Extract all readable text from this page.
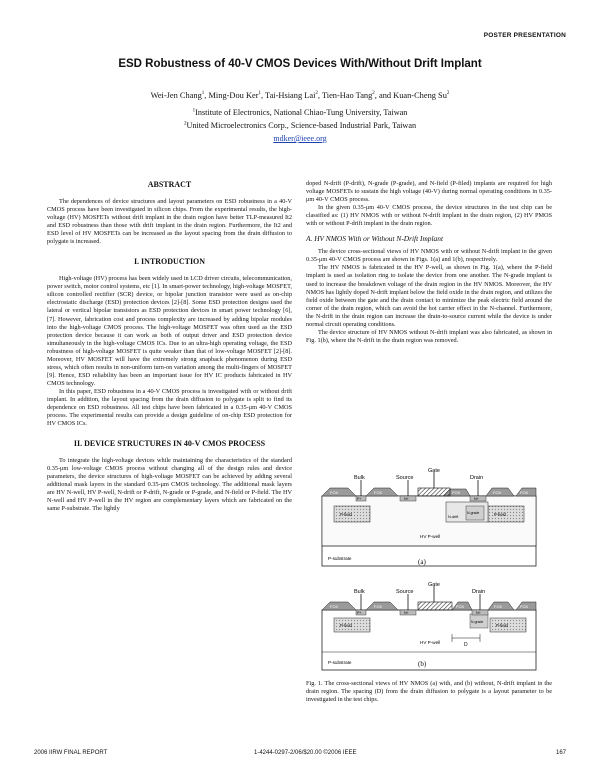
POSTER PRESENTATION
ESD Robustness of 40-V CMOS Devices With/Without Drift Implant
Wei-Jen Chang$^1$, Ming-Dou Ker$^1$, Tai-Hsiang Lai$^2$, Tien-Hao Tang$^2$, and Kuan-Cheng Su$^2$
$^1$Institute of Electronics, National Chiao-Tung University, Taiwan
$^2$United Microelectronics Corp., Science-based Industrial Park, Taiwan
mdker@ieee.org
ABSTRACT

The dependences of device structures and layout parameters on ESD robustness in a 40-V CMOS process have been investigated in silicon chips. From the experimental results, the high-voltage (HV) MOSFETs without drift implant in the drain region have better TLP-measured It2 and ESD robustness than those with drift implant in the drain region. Furthermore, the It2 and ESD level of HV MOSFETs can be increased as the layout spacing from the drain diffusion to polygate is increased.

I. INTRODUCTION

High-voltage (HV) process has been widely used in LCD driver circuits, telecommunication, power switch, motor control systems, etc [1]. In smart-power technology, high-voltage MOSFET, silicon controlled rectifier (SCR) device, or bipolar junction transistor were used as on-chip electrostatic discharge (ESD) protection devices [2]-[8]. Some ESD protection designs used the lateral or vertical bipolar transistors as ESD protection devices in smart power technology [6], [7]. However, fabrication cost and process complexity are increased by adding bipolar modules into the high-voltage CMOS process. The high-voltage MOSFET was often used as the ESD protection device because it can work as both of output driver and ESD protection device simultaneously in the high-voltage CMOS ICs. Due to an ultra-high operating voltage, the ESD robustness of high-voltage MOSFET is quite weaker than that of low-voltage MOSFET [2]-[8]. Moreover, HV MOSFET will have the extremely strong snapback phenomenon during ESD stress, which often results in non-uniform turn-on variation among the multi-fingers of MOSFET [9]. Hence, ESD reliability has been an important issue for HV IC products fabricated in HV CMOS technology.

In this paper, ESD robustness in a 40-V CMOS process is investigated with or without drift implant. In addition, the layout spacing from the drain diffusion to polygate is split to find its dependence on ESD robustness. All test chips have been fabricated in a 0.35-μm 40-V CMOS process. The experimental results can provide a design guideline of on-chip ESD protection for HV CMOS ICs.

II. DEVICE STRUCTURES IN 40-V CMOS PROCESS

To integrate the high-voltage devices while maintaining the characteristics of the standard 0.35-μm low-voltage CMOS process without changing all of the design rules and device parameters, the device structures of high-voltage MOSFET can be achieved by adding several additional mask layers in the standard 0.35-μm CMOS technology. The additional mask layers are HV N-well, HV P-well, N-drift or P-drift, N-grade or P-grade, and N-field or P-field. The HV N-well and HV P-well in the HV region are complementary layers which are fabricated on the same P-substrate. The lightly

doped N-drift (P-drift), N-grade (P-grade), and N-field (P-filed) implants are required for high voltage MOSFETs to sustain the high voltage (40-V) during normal operating conditions in 0.35-μm 40-V CMOS process.

In the given 0.35-μm 40-V CMOS process, the device structures in the test chip can be classified as: (1) HV NMOS with or without N-drift implant in the drain region, (2) HV PMOS with or without P-drift implant in the drain region.

A. HV NMOS With or Without N-Drift Implant

The device cross-sectional views of HV NMOS with or without N-drift implant in the given 0.35-μm 40-V CMOS process are shown in Figs. 1(a) and 1(b), respectively.

The HV NMOS is fabricated in the HV P-well, as shown in Fig. 1(a), where the P-field implant is used as isolation ring to isolate the device from one another. The N-grade implant is used to increase the breakdown voltage of the drain region in the HV NMOS. Moreover, the HV NMOS has lightly doped N-drift implant below the field oxide in the drain region, and utilizes the field oxide between the gate and the drain contact to minimize the peak electric field around the corner of the drain region, which can avoid the hot carrier effect in the N-channel. Furthermore, the N-drift in the drain region can increase the drain-to-source current while the device is under normal circuit operating conditions.

The device structure of HV NMOS without N-drift implant was also fabricated, as shown in Fig. 1(b), where the N-drift in the drain region was removed.

Gate
Bulk	Source	Drain
FOX	FOX	FOX	FOX	FOX
P+	N+	N+
P-field	P-field
N-drift
N-grade
HV P-well
P-substrate	(a)
Gate
Bulk	Source	Drain
FOX	FOX	FOX	FOX	FOX
P+	N+	N+
P-field	P-field
N-grade
D
HV P-well
P-substrate	(b)
Fig. 1. The cross-sectional views of HV NMOS (a) with, and (b) without, N-drift implant in the drain region. The spacing (D) from the drain diffusion to polygate is a layout parameter to be investigated in the test chips.
2006 IIRW FINAL REPORT	1-4244-0297-2/06/$20.00 ©2006 IEEE	167
